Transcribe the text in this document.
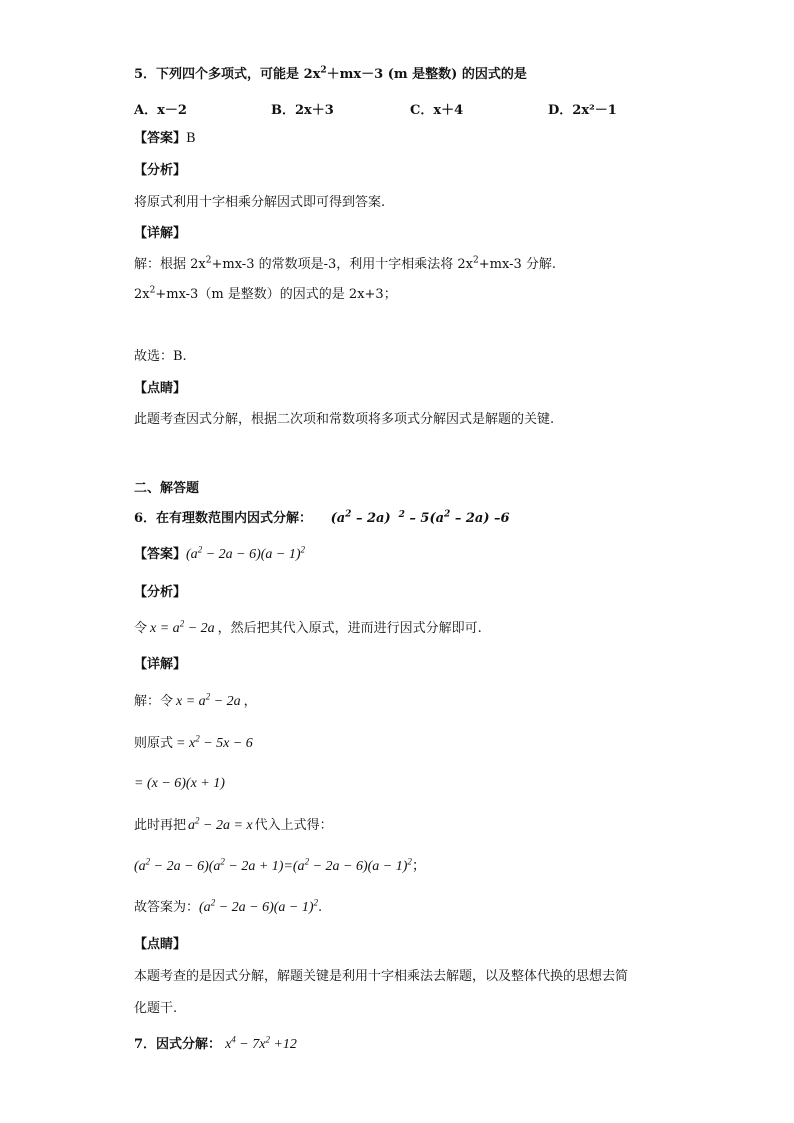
5．下列四个多项式，可能是 $2x^2+mx-3$ (m 是整数) 的因式的是
A．x－2	B．2x＋3	C．x＋4	D．2x²－1
【答案】B
【分析】
将原式利用十字相乘分解因式即可得到答案.
【详解】
解：根据 $2x^2+mx-3$ 的常数项是-3，利用十字相乘法将 $2x^2+mx-3$ 分解.
$2x^2+mx-3(m$ 是整数）的因式的是 2x+3；
故选：B.
【点睛】
此题考查因式分解，根据二次项和常数项将多项式分解因式是解题的关键.
二、解答题
6．在有理数范围内因式分解： $(a^2 - 2a)$ $^2 - 5(a^2 - 2a)$ –6
【答案】$(a^2 - 2a - 6)(a - 1)^2$
【分析】
令 $x = a^2 - 2a$ ，然后把其代入原式，进而进行因式分解即可.
【详解】
解：令 $x = a^2 - 2a$ ，
则原式 = $x^2 - 5x - 6$
= (x − 6)(x + 1)
此时再把 $a^2 - 2a = x$ 代入上式得：
$(a^2 - 2a - 6)(a^2 - 2a + 1)=(a^2 - 2a - 6)(a - 1)^2$；
故答案为：$(a^2 - 2a - 6)(a - 1)^2$.
【点睛】
本题考查的是因式分解，解题关键是利用十字相乘法去解题，以及整体代换的思想去简
化题干.
7．因式分解： $x^4 - 7x^2 +12$
